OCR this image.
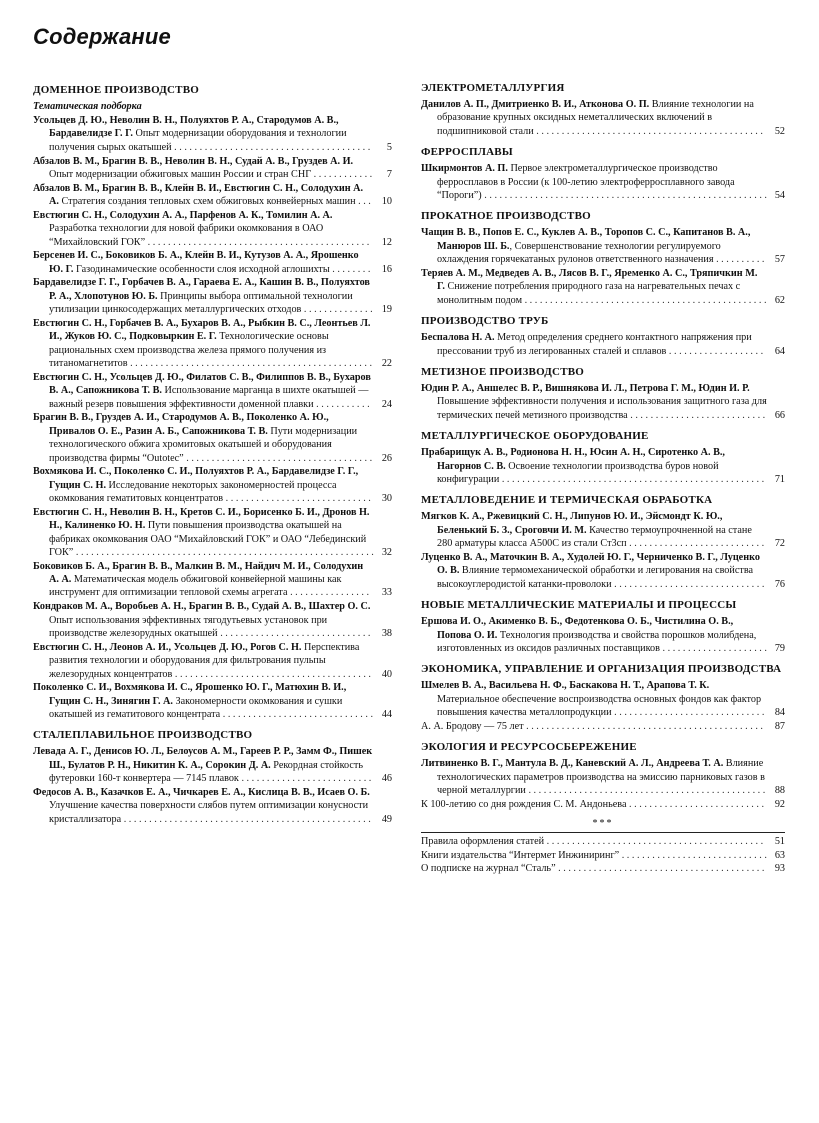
Содержание
ДОМЕННОЕ ПРОИЗВОДСТВО
Тематическая подборка
Усольцев Д. Ю., Неволин В. Н., Полуяхтов Р. А., Стародумов А. В., Бардавелидзе Г. Г. Опыт модернизации оборудования и технологии получения сырых окатышей . . . . . . . . . . . . . . . . . . . . . . . . . . . . . . . . . . . . . . . 5
Абзалов В. М., Брагин В. В., Неволин В. Н., Судай А. В., Груздев А. И. Опыт модернизации обжиговых машин России и стран СНГ . . . . . . . . . . . . 7
Абзалов В. М., Брагин В. В., Клейн В. И., Евстюгин С. Н., Солодухин А. А. Стратегия создания тепловых схем обжиговых конвейерных машин . . . 10
Евстюгин С. Н., Солодухин А. А., Парфенов А. К., Томилин А. А. Разработка технологии для новой фабрики окомкования в ОАО “Михайловский ГОК” . . . . . . . . . . . . . . . . . . . . . . . . . . . . . . . . . . . . . . . . . . . . 12
Берсенев И. С., Боковиков Б. А., Клейн В. И., Кутузов А. А., Ярошенко Ю. Г. Газодинамические особенности слоя исходной аглошихты . . . . . . . . 16
Бардавелидзе Г. Г., Горбачев В. А., Гараева Е. А., Кашин В. В., Полуяхтов Р. А., Хлопотунов Ю. Б. Принципы выбора оптимальной технологии утилизации цинкосодержащих металлургических отходов . . . . . . . . . . . . . . 19
Евстюгин С. Н., Горбачев В. А., Бухаров В. А., Рыбкин В. С., Леонтьев Л. И., Жуков Ю. С., Подковыркин Е. Г. Технологические основы рациональных схем производства железа прямого получения из титаномагнетитов . . . . . . . . . . . . . . . . . . . . . . . . . . . . . . . . . . . . . . . . . . . . . . . . 22
Евстюгин С. Н., Усольцев Д. Ю., Филатов С. В., Филиппов В. В., Бухаров В. А., Сапожникова Т. В. Использование марганца в шихте окатышей — важный резерв повышения эффективности доменной плавки . . . . . . . . . . . 24
Брагин В. В., Груздев А. И., Стародумов А. В., Поколенко А. Ю., Привалов О. Е., Разин А. Б., Сапожникова Т. В. Пути модернизации технологического обжига хромитовых окатышей и оборудования производства фирмы “Outotec” . . . . . . . . . . . . . . . . . . . . . . . . . . . . . . . . . . . . . 26
Вохмякова И. С., Поколенко С. И., Полуяхтов Р. А., Бардавелидзе Г. Г., Гущин С. Н. Исследование некоторых закономерностей процесса окомкования гематитовых концентратов . . . . . . . . . . . . . . . . . . . . . . . . . . . . . 30
Евстюгин С. Н., Неволин В. Н., Кретов С. И., Борисенко Б. И., Дронов Н. Н., Калиненко Ю. Н. Пути повышения производства окатышей на фабриках окомкования ОАО “Михайловский ГОК” и ОАО “Лебединский ГОК” . . . . . . . . . . . . . . . . . . . . . . . . . . . . . . . . . . . . . . . . . . . . . . . . . . . . . . . . . . . 32
Боковиков Б. А., Брагин В. В., Малкин В. М., Найдич М. И., Солодухин А. А. Математическая модель обжиговой конвейерной машины как инструмент для оптимизации тепловой схемы агрегата . . . . . . . . . . . . . . . . 33
Кондраков М. А., Воробьев А. Н., Брагин В. В., Судай А. В., Шахтер О. С. Опыт использования эффективных тягодутьевых установок при производстве железорудных окатышей . . . . . . . . . . . . . . . . . . . . . . . . . . . . . . 38
Евстюгин С. Н., Леонов А. И., Усольцев Д. Ю., Рогов С. Н. Перспектива развития технологии и оборудования для фильтрования пульпы железорудных концентратов . . . . . . . . . . . . . . . . . . . . . . . . . . . . . . . . . . . . . . . 40
Поколенко С. И., Вохмякова И. С., Ярошенко Ю. Г., Матюхин В. И., Гущин С. Н., Зинягин Г. А. Закономерности окомкования и сушки окатышей из гематитового концентрата . . . . . . . . . . . . . . . . . . . . . . . . . . . . . . 44
СТАЛЕПЛАВИЛЬНОЕ ПРОИЗВОДСТВО
Левада А. Г., Денисов Ю. Л., Белоусов А. М., Гареев Р. Р., Замм Ф., Пишек Ш., Булатов Р. Н., Никитин К. А., Сорокин Д. А. Рекордная стойкость футеровки 160-т конвертера — 7145 плавок . . . . . . . . . . . . . . . . . . . . . . . . . . 46
Федосов А. В., Казачков Е. А., Чичкарев Е. А., Кислица В. В., Исаев О. Б. Улучшение качества поверхности слябов путем оптимизации конусности кристаллизатора . . . . . . . . . . . . . . . . . . . . . . . . . . . . . . . . . . . . . . . . . . . . . . . . . 49
ЭЛЕКТРОМЕТАЛЛУРГИЯ
Данилов А. П., Дмитриенко В. И., Атконова О. П. Влияние технологии на образование крупных оксидных неметаллических включений в подшипниковой стали . . . . . . . . . . . . . . . . . . . . . . . . . . . . . . . . . . . . . . . . . . . . . 52
ФЕРРОСПЛАВЫ
Шкирмонтов А. П. Первое электрометаллургическое производство ферросплавов в России (к 100-летию электроферросплавного завода “Пороги”) . . . . . . . . . . . . . . . . . . . . . . . . . . . . . . . . . . . . . . . . . . . . . . . . . . . . . . . . 54
ПРОКАТНОЕ ПРОИЗВОДСТВО
Чащин В. В., Попов Е. С., Куклев А. В., Торопов С. С., Капитанов В. А., Манюров Ш. Б., Совершенствование технологии регулируемого охлаждения горячекатаных рулонов ответственного назначения . . . . . . . . . . 57
Теряев А. М., Медведев А. В., Лясов В. Г., Яременко А. С., Тряпичкин М. Г. Снижение потребления природного газа на нагревательных печах с монолитным подом . . . . . . . . . . . . . . . . . . . . . . . . . . . . . . . . . . . . . . . . . . . . . . . . 62
ПРОИЗВОДСТВО ТРУБ
Беспалова Н. А. Метод определения среднего контактного напряжения при прессовании труб из легированных сталей и сплавов . . . . . . . . . . . . . . . . . . . 64
МЕТИЗНОЕ ПРОИЗВОДСТВО
Юдин Р. А., Аншелес В. Р., Вишнякова И. Л., Петрова Г. М., Юдин И. Р. Повышение эффективности получения и использования защитного газа для термических печей метизного производства . . . . . . . . . . . . . . . . . . . . . . . . . . . 66
МЕТАЛЛУРГИЧЕСКОЕ ОБОРУДОВАНИЕ
Прабарищук А. В., Родионова Н. Н., Юсин А. Н., Сиротенко А. В., Нагорнов С. В. Освоение технологии производства буров новой конфигурации . . . . . . . . . . . . . . . . . . . . . . . . . . . . . . . . . . . . . . . . . . . . . . . . . . . . 71
МЕТАЛЛОВЕДЕНИЕ И ТЕРМИЧЕСКАЯ ОБРАБОТКА
Мягков К. А., Ржевицкий С. Н., Липунов Ю. И., Эйсмондт К. Ю., Беленький Б. З., Сроговчи И. М. Качество термоупрочненной на стане 280 арматуры класса А500С из стали Ст3сп . . . . . . . . . . . . . . . . . . . . . . . . . . . 72
Луценко В. А., Маточкин В. А., Худолей Ю. Г., Черниченко В. Г., Луценко О. В. Влияние термомеханической обработки и легирования на свойства высокоуглеродистой катанки-проволоки . . . . . . . . . . . . . . . . . . . . . . . . . . . . . . 76
НОВЫЕ МЕТАЛЛИЧЕСКИЕ МАТЕРИАЛЫ И ПРОЦЕССЫ
Ершова И. О., Акименко В. Б., Федотенкова О. Б., Чистилина О. В., Попова О. И. Технология производства и свойства порошков молибдена, изготовленных из оксидов различных поставщиков . . . . . . . . . . . . . . . . . . . . . 79
ЭКОНОМИКА, УПРАВЛЕНИЕ И ОРГАНИЗАЦИЯ ПРОИЗВОДСТВА
Шмелев В. А., Васильева Н. Ф., Баскакова Н. Т., Арапова Т. К. Материальное обеспечение воспроизводства основных фондов как фактор повышения качества металлопродукции . . . . . . . . . . . . . . . . . . . . . . . . . . . . . . 84
А. А. Бродову — 75 лет . . . . . . . . . . . . . . . . . . . . . . . . . . . . . . . . . . . . . . . . . . . . . . . 87
ЭКОЛОГИЯ И РЕСУРСОСБЕРЕЖЕНИЕ
Литвиненко В. Г., Мантула В. Д., Каневский А. Л., Андреева Т. А. Влияние технологических параметров производства на эмиссию парниковых газов в черной металлургии . . . . . . . . . . . . . . . . . . . . . . . . . . . . . . . . . . . . . . . . . . . . . . . 88
К 100-летию со дня рождения С. М. Андоньева . . . . . . . . . . . . . . . . . . . . . . . . . . . 92
***
Правила оформления статей . . . . . . . . . . . . . . . . . . . . . . . . . . . . . . . . . . . . . . . . . . . 51
Книги издательства “Интермет Инжиниринг” . . . . . . . . . . . . . . . . . . . . . . . . . . . . . 63
О подписке на журнал “Сталь” . . . . . . . . . . . . . . . . . . . . . . . . . . . . . . . . . . . . . . . . . 93
